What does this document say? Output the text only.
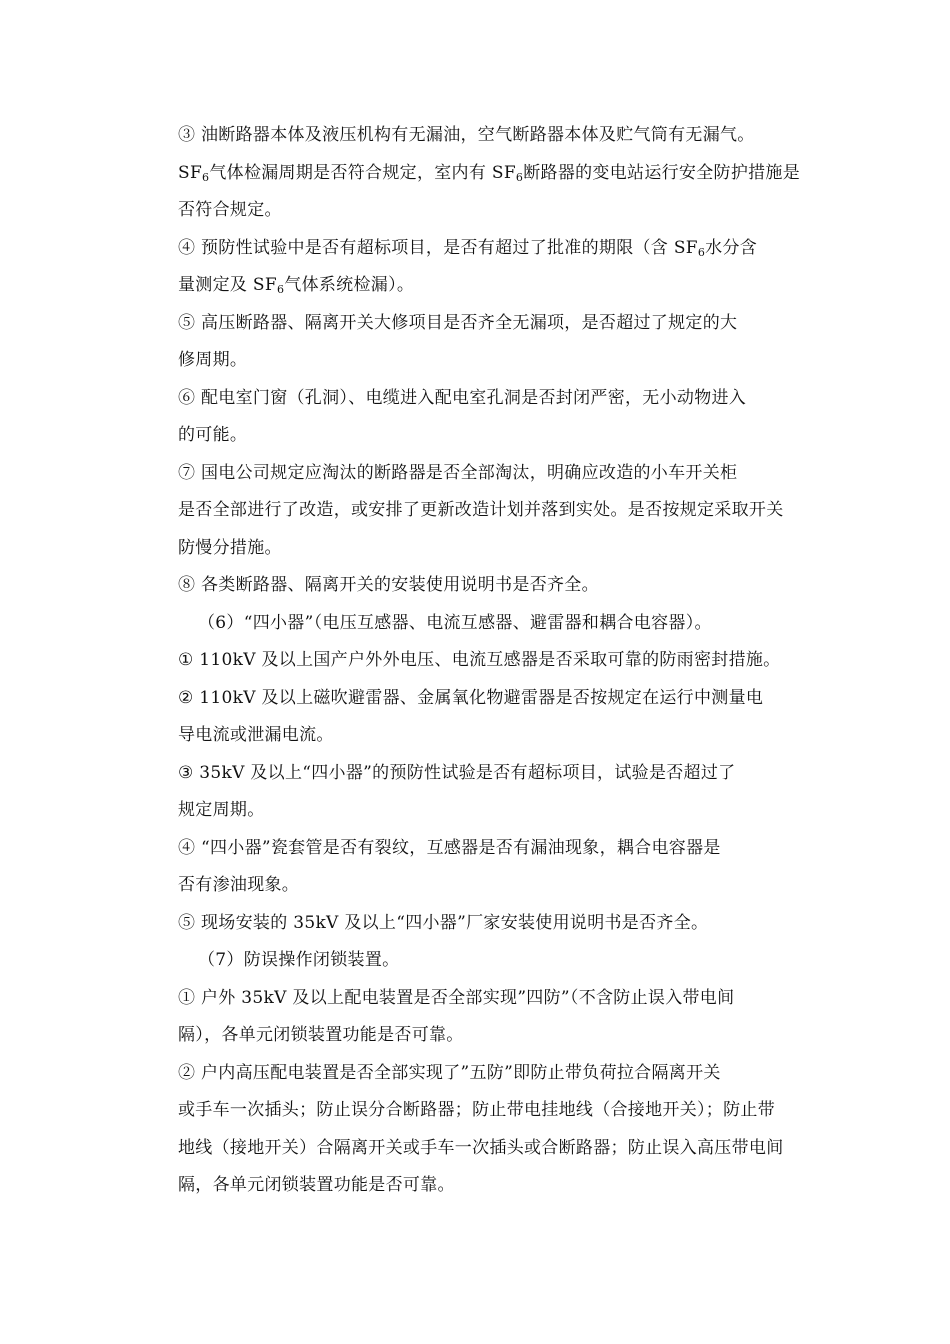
③ 油断路器本体及液压机构有无漏油，空气断路器本体及贮气筒有无漏气。
$SF_6$气体检漏周期是否符合规定，室内有 $SF_6$断路器的变电站运行安全防护措施是
否符合规定。

④ 预防性试验中是否有超标项目，是否有超过了批准的期限（含 $SF_6$水分含
量测定及 $SF_6$气体系统检漏）。

⑤ 高压断路器、隔离开关大修项目是否齐全无漏项，是否超过了规定的大
修周期。

⑥ 配电室门窗（孔洞）、电缆进入配电室孔洞是否封闭严密，无小动物进入
的可能。

⑦ 国电公司规定应淘汰的断路器是否全部淘汰，明确应改造的小车开关柜
是否全部进行了改造，或安排了更新改造计划并落到实处。是否按规定采取开关
防慢分措施。

⑧ 各类断路器、隔离开关的安装使用说明书是否齐全。

（6）“四小器”（电压互感器、电流互感器、避雷器和耦合电容器）。

① 110kV 及以上国产户外外电压、电流互感器是否采取可靠的防雨密封措施。

② 110kV 及以上磁吹避雷器、金属氧化物避雷器是否按规定在运行中测量电
导电流或泄漏电流。

③ 35kV 及以上“四小器”的预防性试验是否有超标项目，试验是否超过了
规定周期。

④ “四小器”瓷套管是否有裂纹，互感器是否有漏油现象，耦合电容器是
否有渗油现象。

⑤ 现场安装的 35kV 及以上“四小器”厂家安装使用说明书是否齐全。

（7）防误操作闭锁装置。

① 户外 35kV 及以上配电装置是否全部实现”四防”（不含防止误入带电间
隔），各单元闭锁装置功能是否可靠。

② 户内高压配电装置是否全部实现了”五防”即防止带负荷拉合隔离开关
或手车一次插头；防止误分合断路器；防止带电挂地线（合接地开关）；防止带
地线（接地开关）合隔离开关或手车一次插头或合断路器；防止误入高压带电间
隔，各单元闭锁装置功能是否可靠。
